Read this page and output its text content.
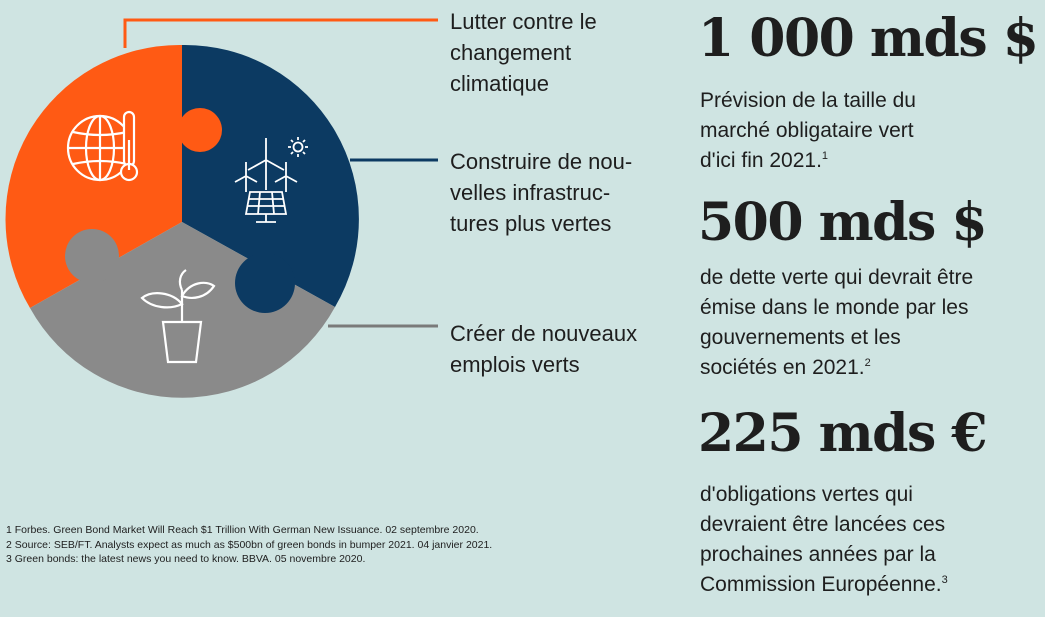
Lutter contre le
changement
climatique
Construire de nou-
velles infrastruc-
tures plus vertes
Créer de nouveaux
emplois verts
1 000 mds $
Prévision de la taille du
marché obligataire vert
d'ici fin 2021.$^1$
500 mds $
de dette verte qui devrait être
émise dans le monde par les
gouvernements et les
sociétés en 2021.$^2$
225 mds €
d'obligations vertes qui
devraient être lancées ces
prochaines années par la
Commission Européenne.$^3$
1 Forbes. Green Bond Market Will Reach $1 Trillion With German New Issuance. 02 septembre 2020.
2 Source: SEB/FT. Analysts expect as much as $500bn of green bonds in bumper 2021. 04 janvier 2021.
3 Green bonds: the latest news you need to know. BBVA. 05 novembre 2020.
